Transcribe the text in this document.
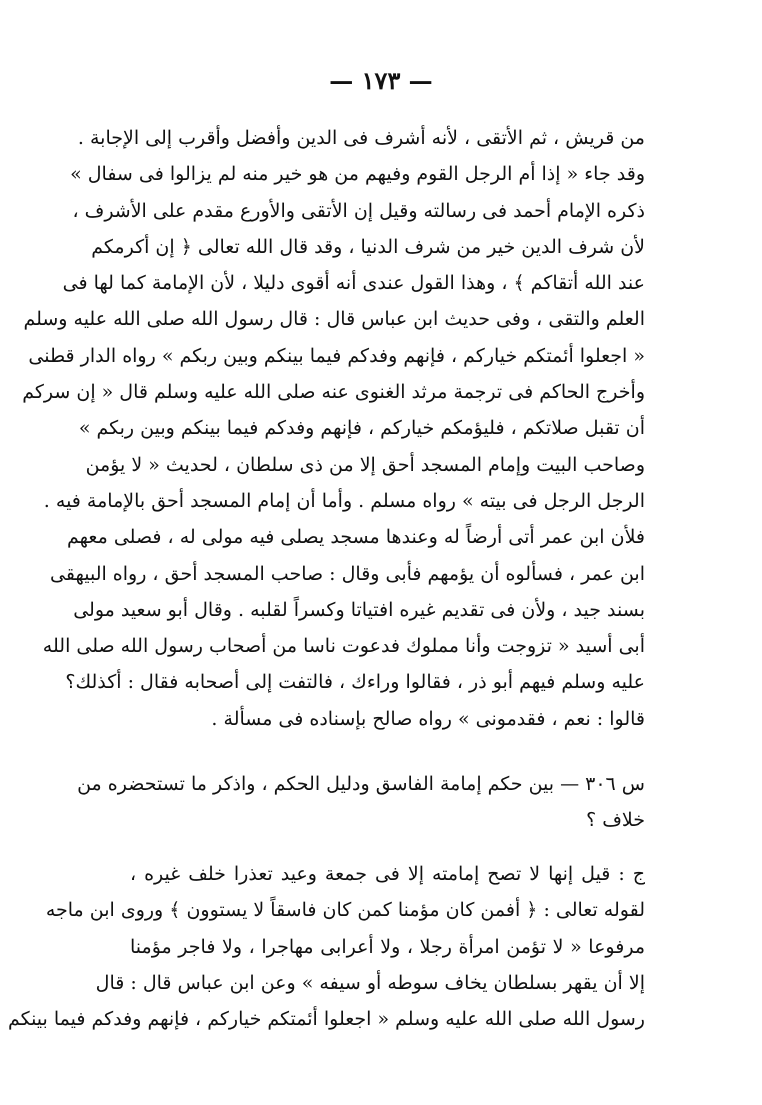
— ١٧٣ —
من قريش ، ثم الأتقى ، لأنه أشرف فى الدين وأفضل وأقرب إلى الإجابة .
وقد جاء « إذا أم الرجل القوم وفيهم من هو خير منه لم يزالوا فى سفال »
ذكره الإمام أحمد فى رسالته وقيل إن الأتقى والأورع مقدم على الأشرف ،
لأن شرف الدين خير من شرف الدنيا ، وقد قال الله تعالى ﴿ إن أكرمكم
عند الله أتقاكم ﴾ ، وهذا القول عندى أنه أقوى دليلا ، لأن الإمامة كما لها فى
العلم والتقى ، وفى حديث ابن عباس قال : قال رسول الله صلى الله عليه وسلم
« اجعلوا أئمتكم خياركم ، فإنهم وفدكم فيما بينكم وبين ربكم » رواه الدار قطنى
وأخرج الحاكم فى ترجمة مرثد الغنوى عنه صلى الله عليه وسلم قال « إن سركم
أن تقبل صلاتكم ، فليؤمكم خياركم ، فإنهم وفدكم فيما بينكم وبين ربكم »
وصاحب البيت وإمام المسجد أحق إلا من ذى سلطان ، لحديث « لا يؤمن
الرجل الرجل فى بيته » رواه مسلم . وأما أن إمام المسجد أحق بالإمامة فيه .
فلأن ابن عمر أتى أرضاً له وعندها مسجد يصلى فيه مولى له ، فصلى معهم
ابن عمر ، فسألوه أن يؤمهم فأبى وقال : صاحب المسجد أحق ، رواه البيهقى
بسند جيد ، ولأن فى تقديم غيره افتياتا وكسراً لقلبه . وقال أبو سعيد مولى
أبى أسيد « تزوجت وأنا مملوك فدعوت ناسا من أصحاب رسول الله صلى الله
عليه وسلم فيهم أبو ذر ، فقالوا وراءك ، فالتفت إلى أصحابه فقال : أكذلك؟
قالوا : نعم ، فقدمونى » رواه صالح بإسناده فى مسألة .
س ٣٠٦ — بين حكم إمامة الفاسق ودليل الحكم ، واذكر ما تستحضره من
خلاف ؟
ج : قيل إنها لا تصح إمامته إلا فى جمعة وعيد تعذرا خلف غيره ،
لقوله تعالى : ﴿ أفمن كان مؤمنا كمن كان فاسقاً لا يستوون ﴾ وروى ابن ماجه
مرفوعا « لا تؤمن امرأة رجلا ، ولا أعرابى مهاجرا ، ولا فاجر مؤمنا
إلا أن يقهر بسلطان يخاف سوطه أو سيفه » وعن ابن عباس قال : قال
رسول الله صلى الله عليه وسلم « اجعلوا أئمتكم خياركم ، فإنهم وفدكم فيما بينكم
